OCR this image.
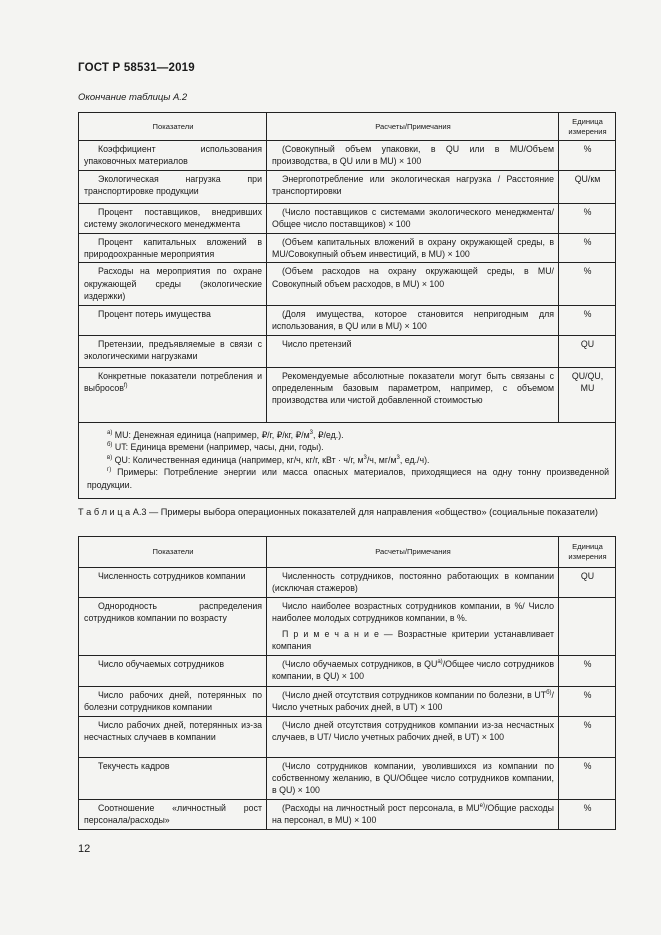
ГОСТ Р 58531—2019
Окончание таблицы А.2
Показатели	Расчеты/Примечания	Единица измерения
Коэффициент использования упаковочных материалов	(Совокупный объем упаковки, в QU или в MU/Объем производства, в QU или в MU) × 100	%
Экологическая нагрузка при транспортировке продукции	Энергопотребление или экологическая нагрузка / Расстояние транспортировки	QU/км
Процент поставщиков, внедривших систему экологического менеджмента	(Число поставщиков с системами экологического менеджмента/Общее число поставщиков) × 100	%
Процент капитальных вложений в природоохранные мероприятия	(Объем капитальных вложений в охрану окружающей среды, в MU/Совокупный объем инвестиций, в MU) × 100	%
Расходы на мероприятия по охране окружающей среды (экологические издержки)	(Объем расходов на охрану окружающей среды, в MU/Совокупный объем расходов, в MU) × 100	%
Процент потерь имущества	(Доля имущества, которое становится непригодным для использования, в QU или в MU) × 100	%
Претензии, предъявляемые в связи с экологическими нагрузками	Число претензий	QU
Конкретные показатели потребления и выбросов$^{f)}$	Рекомендуемые абсолютные показатели могут быть связаны с определенным базовым параметром, например, с объемом производства или чистой добавленной стоимостью	QU/QU, MU

$^{a)}$ MU: Денежная единица (например, ₽/г, ₽/кг, $₽/м^3$, ₽/ед.).
$^{б)}$ UT: Единица времени (например, часы, дни, годы).
$^{в)}$ QU: Количественная единица (например, кг/ч, кг/г, кВт · ч/г, $м^3/ч$, $мг/м^3$, ед./ч).
$^{г)}$ Примеры: Потребление энергии или масса опасных материалов, приходящиеся на одну тонну произведенной продукции.		
Т а б л и ц а А.3 — Примеры выбора операционных показателей для направления «общество» (социальные показатели)
Показатели	Расчеты/Примечания	Единица измерения
Численность сотрудников компании	Численность сотрудников, постоянно работающих в компании (исключая стажеров)	QU
Однородность распределения сотрудников компании по возрасту	Число наиболее возрастных сотрудников компании, в %/ Число наиболее молодых сотрудников компании, в %.
П р и м е ч а н и е — Возрастные критерии устанавливает компания	

Число обучаемых сотрудников	(Число обучаемых сотрудников, в QU$^{a)}$/Общее число сотрудников компании, в QU) × 100	%
Число рабочих дней, потерянных по болезни сотрудников компании	(Число дней отсутствия сотрудников компании по болезни, в $UT^{б)}$/Число учетных рабочих дней, в UT) × 100	%
Число рабочих дней, потерянных из-за несчастных случаев в компании	(Число дней отсутствия сотрудников компании из-за несчастных случаев, в UT/ Число учетных рабочих дней, в UT) × 100	%
Текучесть кадров	(Число сотрудников компании, уволившихся из компании по собственному желанию, в QU/Общее число сотрудников компании, в QU) × 100	%
Соотношение «личностный рост персонала/расходы»	(Расходы на личностный рост персонала, в MU$^{e)}$/Общие расходы на персонал, в MU) × 100	%
12
